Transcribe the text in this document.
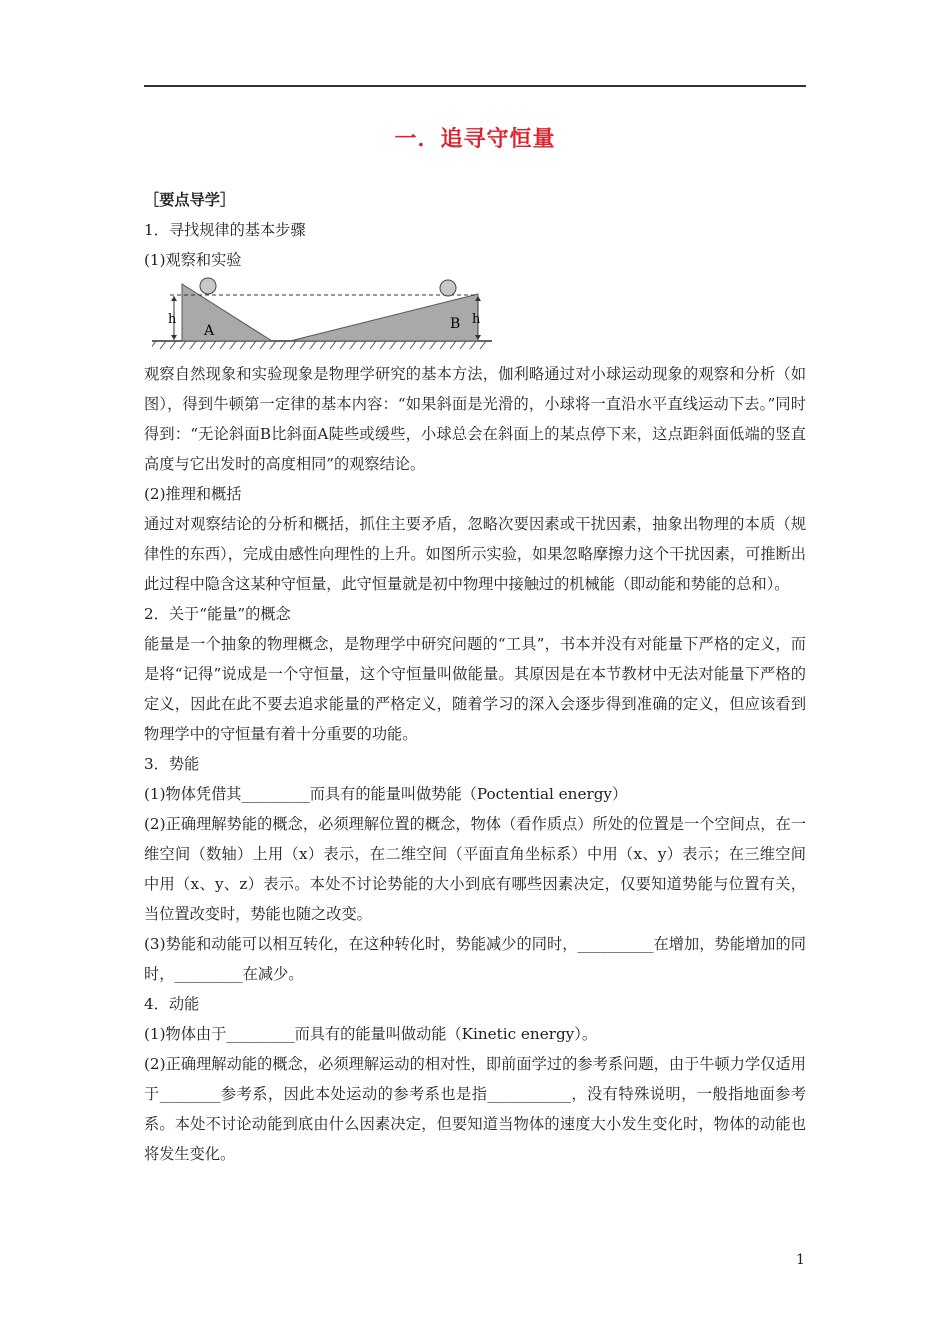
一．追寻守恒量

［要点导学］

1．寻找规律的基本步骤

(1)观察和实验

h	h
A	B

观察自然现象和实验现象是物理学研究的基本方法，伽利略通过对小球运动现象的观察和分析（如图），得到牛顿第一定律的基本内容：“如果斜面是光滑的，小球将一直沿水平直线运动下去。”同时得到：“无论斜面B比斜面A陡些或缓些，小球总会在斜面上的某点停下来，这点距斜面低端的竖直高度与它出发时的高度相同”的观察结论。

(2)推理和概括

通过对观察结论的分析和概括，抓住主要矛盾，忽略次要因素或干扰因素，抽象出物理的本质（规律性的东西），完成由感性向理性的上升。如图所示实验，如果忽略摩擦力这个干扰因素，可推断出此过程中隐含这某种守恒量，此守恒量就是初中物理中接触过的机械能（即动能和势能的总和）。

2．关于“能量”的概念

能量是一个抽象的物理概念，是物理学中研究问题的“工具”，书本并没有对能量下严格的定义，而是将“记得”说成是一个守恒量，这个守恒量叫做能量。其原因是在本节教材中无法对能量下严格的定义，因此在此不要去追求能量的严格定义，随着学习的深入会逐步得到准确的定义，但应该看到物理学中的守恒量有着十分重要的功能。

3．势能

(1)物体凭借其_________而具有的能量叫做势能（Poctential energy）

(2)正确理解势能的概念，必须理解位置的概念，物体（看作质点）所处的位置是一个空间点，在一维空间（数轴）上用（x）表示，在二维空间（平面直角坐标系）中用（x、y）表示；在三维空间中用（x、y、z）表示。本处不讨论势能的大小到底有哪些因素决定，仅要知道势能与位置有关，当位置改变时，势能也随之改变。

(3)势能和动能可以相互转化，在这种转化时，势能减少的同时，__________在增加，势能增加的同时，_________在减少。

4．动能

(1)物体由于_________而具有的能量叫做动能（Kinetic energy）。

(2)正确理解动能的概念，必须理解运动的相对性，即前面学过的参考系问题，由于牛顿力学仅适用于________参考系，因此本处运动的参考系也是指___________，没有特殊说明，一般指地面参考系。本处不讨论动能到底由什么因素决定，但要知道当物体的速度大小发生变化时，物体的动能也将发生变化。

1
